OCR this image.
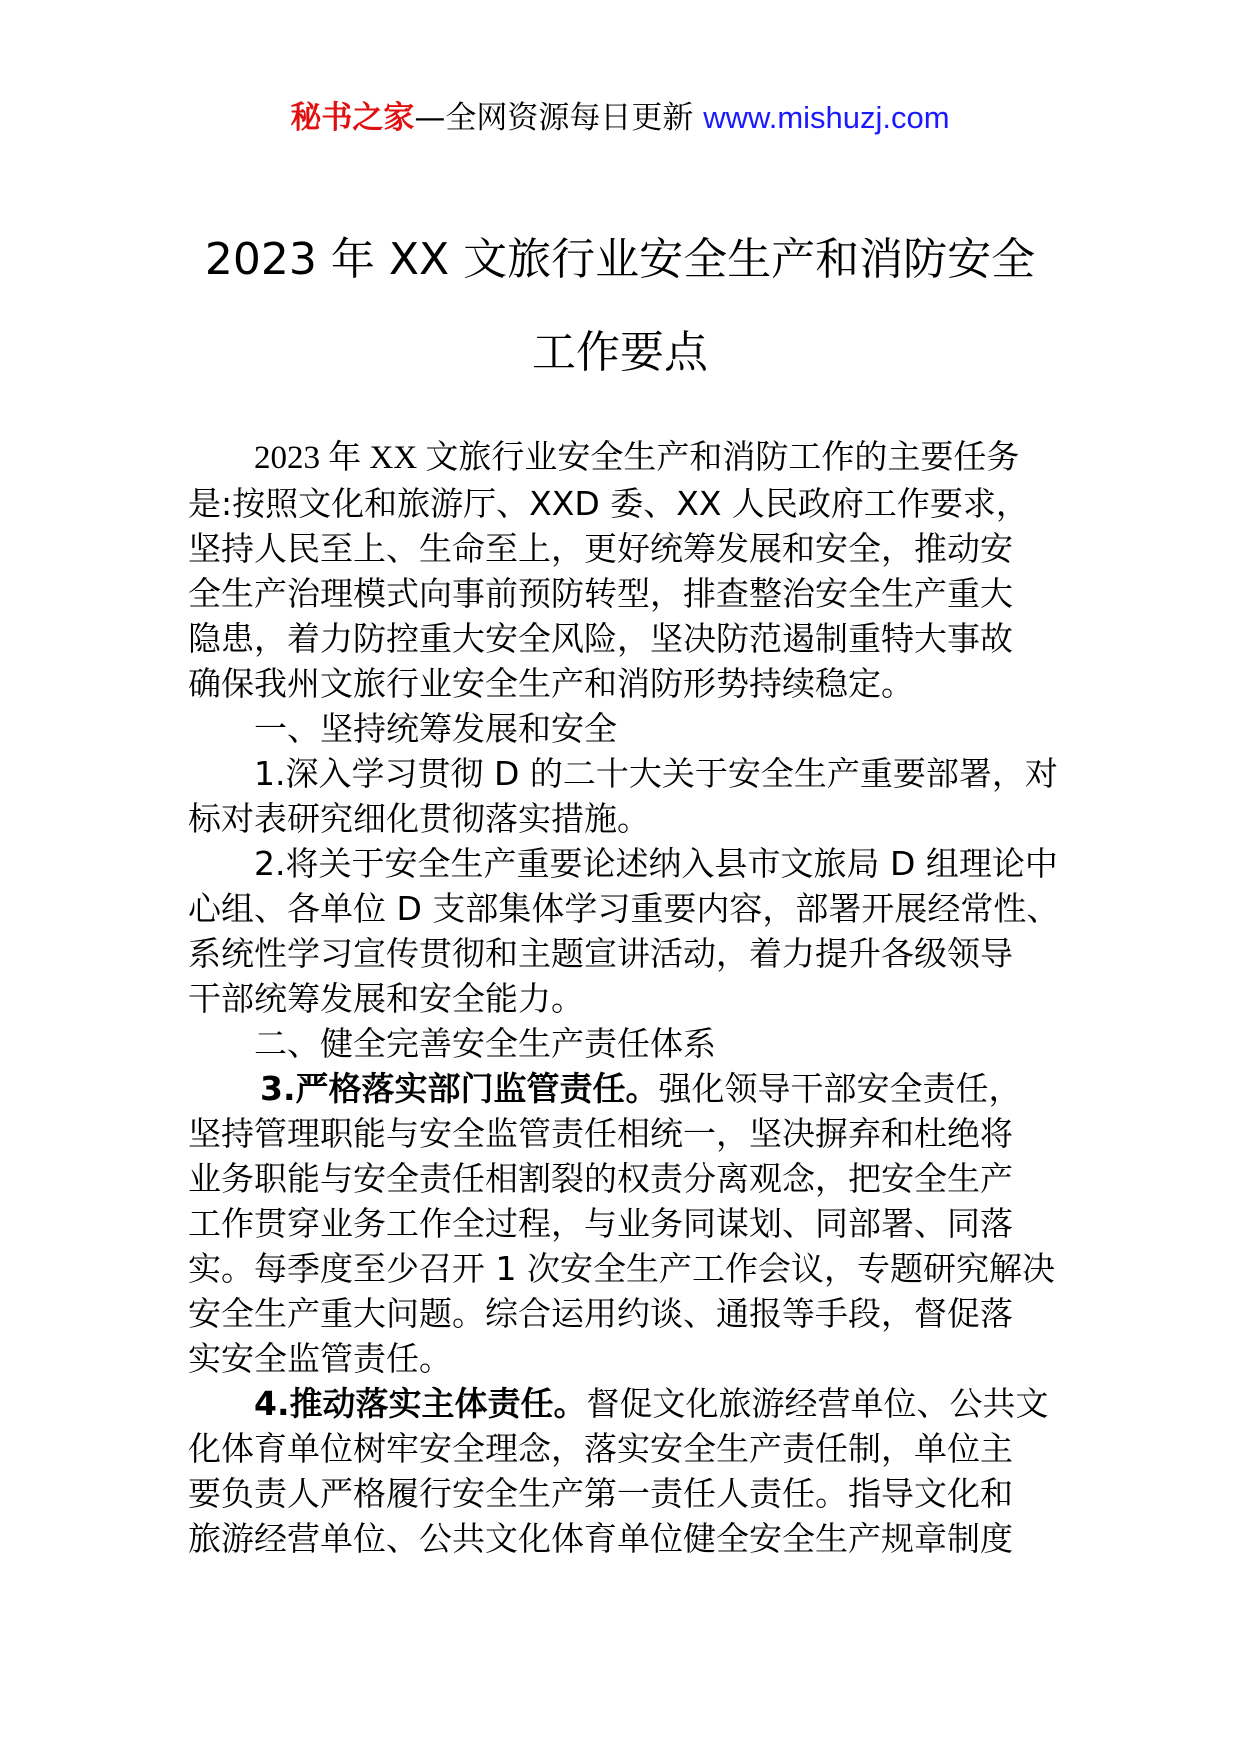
秘书之家—全网资源每日更新 www.mishuzj.com
2023 年 XX 文旅行业安全生产和消防安全
工作要点
2023 年 XX 文旅行业安全生产和消防工作的主要任务
是:按照文化和旅游厅、XXD 委、XX 人民政府工作要求，
坚持人民至上、生命至上，更好统筹发展和安全，推动安
全生产治理模式向事前预防转型，排查整治安全生产重大
隐患，着力防控重大安全风险，坚决防范遏制重特大事故
确保我州文旅行业安全生产和消防形势持续稳定。
一、坚持统筹发展和安全
1.深入学习贯彻 D 的二十大关于安全生产重要部署，对
标对表研究细化贯彻落实措施。
2.将关于安全生产重要论述纳入县市文旅局 D 组理论中
心组、各单位 D 支部集体学习重要内容，部署开展经常性、
系统性学习宣传贯彻和主题宣讲活动，着力提升各级领导
干部统筹发展和安全能力。
二、健全完善安全生产责任体系
3.严格落实部门监管责任。强化领导干部安全责任，
坚持管理职能与安全监管责任相统一，坚决摒弃和杜绝将
业务职能与安全责任相割裂的权责分离观念，把安全生产
工作贯穿业务工作全过程，与业务同谋划、同部署、同落
实。每季度至少召开 1 次安全生产工作会议，专题研究解决
安全生产重大问题。综合运用约谈、通报等手段，督促落
实安全监管责任。
4.推动落实主体责任。督促文化旅游经营单位、公共文
化体育单位树牢安全理念，落实安全生产责任制，单位主
要负责人严格履行安全生产第一责任人责任。指导文化和
旅游经营单位、公共文化体育单位健全安全生产规章制度
